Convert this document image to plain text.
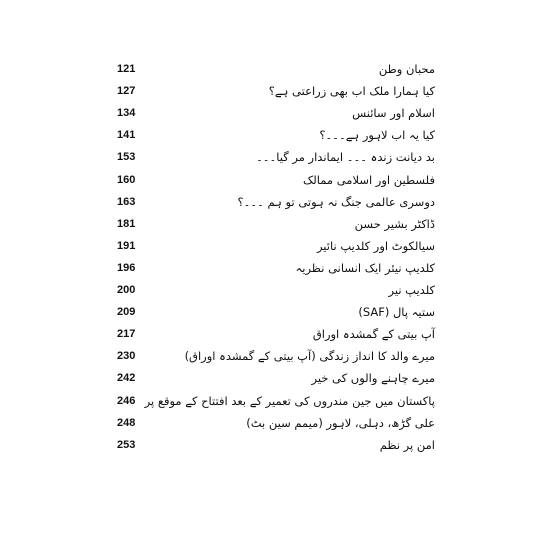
121	محبان وطن
127	کیا ہمارا ملک اب بھی زراعتی ہے؟
134	اسلام اور سائنس
141	کیا یہ اب لاہور ہے۔۔۔؟
153	بد دیانت زندہ ۔۔۔ ایماندار مر گیا۔۔۔
160	فلسطین اور اسلامی ممالک
163	دوسری عالمی جنگ نہ ہوتی تو ہم ۔۔۔؟
181	ڈاکٹر بشیر حسن
191	سیالکوٹ اور کلدیپ نائیر
196	کلدیپ نیئر ایک انسانی نظریہ
200	کلدیپ نیر
209	ستیہ پال (SAF)
217	آپ بیتی کے گمشدہ اوراق
230	میرے والد کا انداز زندگی (آپ بیتی کے گمشدہ اوراق)
242	میرے چاہنے والوں کی خیر
246 پاکستان میں جین مندروں کی تعمیر کے بعد افتتاح کے موقع پر
248	علی گڑھ، دہلی، لاہور (میمم سین بٹ)
253	امن پر نظم
